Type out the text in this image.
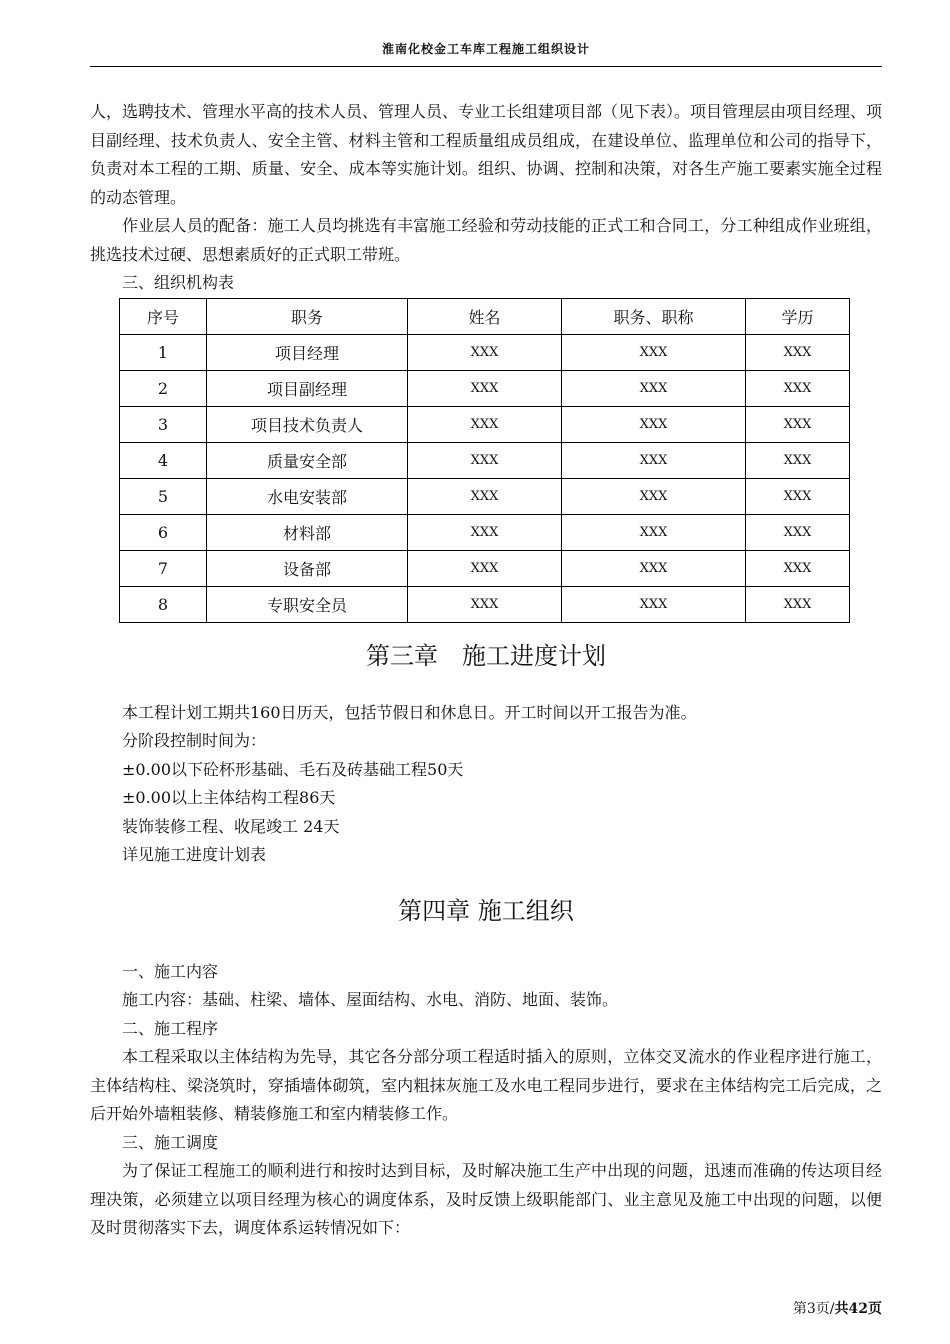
淮南化校金工车库工程施工组织设计

人，选聘技术、管理水平高的技术人员、管理人员、专业工长组建项目部（见下表）。项目管理层由项目经理、项目副经理、技术负责人、安全主管、材料主管和工程质量组成员组成，在建设单位、监理单位和公司的指导下，负责对本工程的工期、质量、安全、成本等实施计划。组织、协调、控制和决策，对各生产施工要素实施全过程的动态管理。

作业层人员的配备：施工人员均挑选有丰富施工经验和劳动技能的正式工和合同工，分工种组成作业班组，挑选技术过硬、思想素质好的正式职工带班。

三、组织机构表

序号	职务	姓名	职务、职称	学历
1	项目经理	XXX	XXX	XXX
2	项目副经理	XXX	XXX	XXX
3	项目技术负责人	XXX	XXX	XXX
4	质量安全部	XXX	XXX	XXX
5	水电安装部	XXX	XXX	XXX
6	材料部	XXX	XXX	XXX
7	设备部	XXX	XXX	XXX
8	专职安全员	XXX	XXX	XXX
第三章　施工进度计划

本工程计划工期共160日历天，包括节假日和休息日。开工时间以开工报告为准。

分阶段控制时间为：

±0.00以下砼杯形基础、毛石及砖基础工程50天

±0.00以上主体结构工程86天

装饰装修工程、收尾竣工 24天

详见施工进度计划表

第四章 施工组织

一、施工内容

施工内容：基础、柱梁、墙体、屋面结构、水电、消防、地面、装饰。

二、施工程序

本工程采取以主体结构为先导，其它各分部分项工程适时插入的原则，立体交叉流水的作业程序进行施工，主体结构柱、梁浇筑时，穿插墙体砌筑，室内粗抹灰施工及水电工程同步进行，要求在主体结构完工后完成，之后开始外墙粗装修、精装修施工和室内精装修工作。

三、施工调度

为了保证工程施工的顺利进行和按时达到目标，及时解决施工生产中出现的问题，迅速而准确的传达项目经理决策，必须建立以项目经理为核心的调度体系，及时反馈上级职能部门、业主意见及施工中出现的问题，以便及时贯彻落实下去，调度体系运转情况如下：

第3页/共42页
